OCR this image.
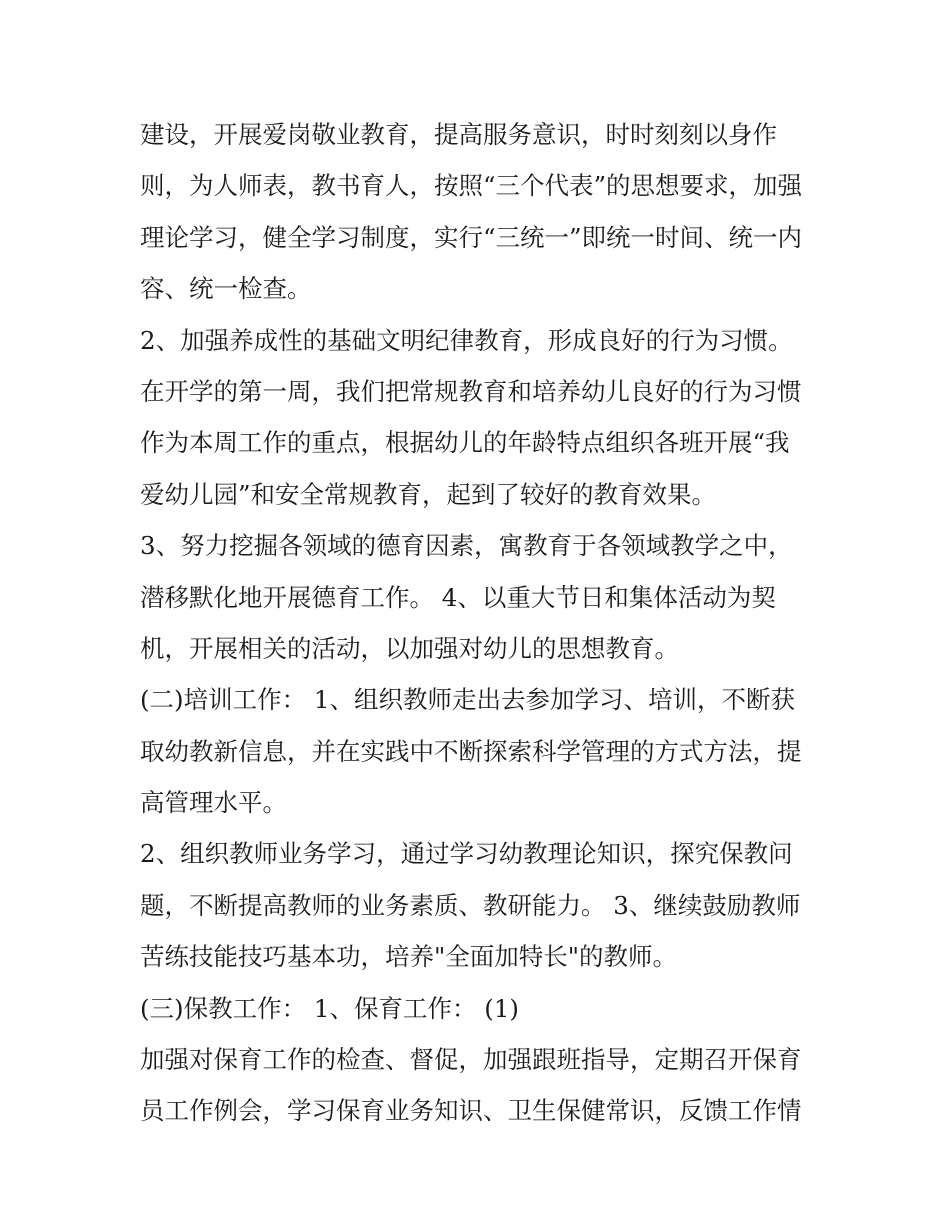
建设，开展爱岗敬业教育，提高服务意识，时时刻刻以身作
则，为人师表，教书育人，按照“三个代表”的思想要求，加强
理论学习，健全学习制度，实行“三统一”即统一时间、统一内
容、统一检查。
2、加强养成性的基础文明纪律教育，形成良好的行为习惯。
在开学的第一周，我们把常规教育和培养幼儿良好的行为习惯
作为本周工作的重点，根据幼儿的年龄特点组织各班开展“我
爱幼儿园”和安全常规教育，起到了较好的教育效果。
3、努力挖掘各领域的德育因素，寓教育于各领域教学之中，
潜移默化地开展德育工作。 4、以重大节日和集体活动为契
机，开展相关的活动，以加强对幼儿的思想教育。
(二)培训工作： 1、组织教师走出去参加学习、培训，不断获
取幼教新信息，并在实践中不断探索科学管理的方式方法，提
高管理水平。
2、组织教师业务学习，通过学习幼教理论知识，探究保教问
题，不断提高教师的业务素质、教研能力。 3、继续鼓励教师
苦练技能技巧基本功，培养"全面加特长"的教师。
(三)保教工作： 1、保育工作： (1)
加强对保育工作的检查、督促，加强跟班指导，定期召开保育
员工作例会，学习保育业务知识、卫生保健常识，反馈工作情
